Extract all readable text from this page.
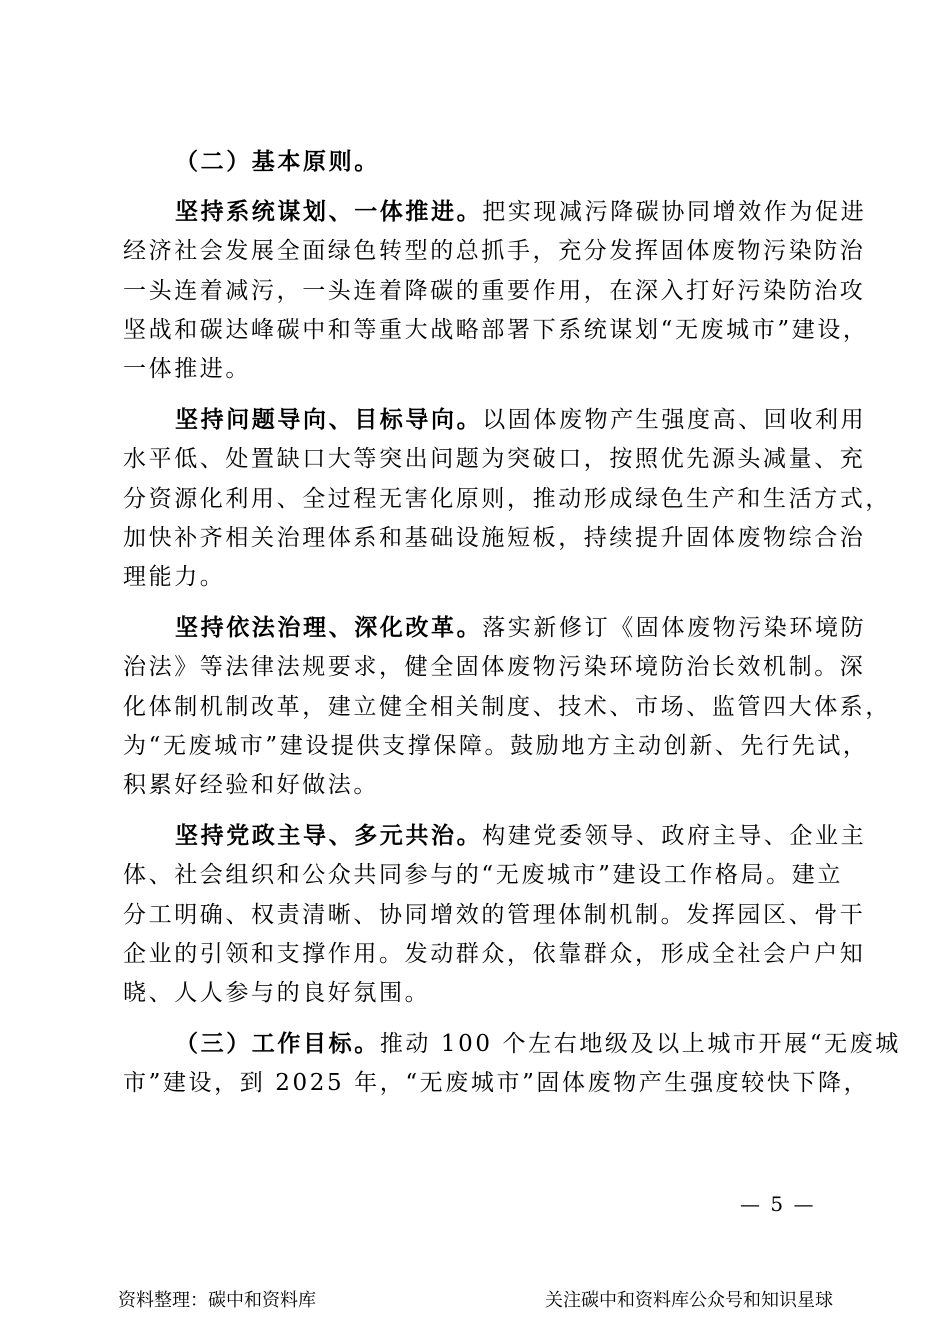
（二）基本原则。

坚持系统谋划、一体推进。把实现减污降碳协同增效作为促进
经济社会发展全面绿色转型的总抓手，充分发挥固体废物污染防治
一头连着减污，一头连着降碳的重要作用，在深入打好污染防治攻
坚战和碳达峰碳中和等重大战略部署下系统谋划“无废城市”建设，
一体推进。

坚持问题导向、目标导向。以固体废物产生强度高、回收利用
水平低、处置缺口大等突出问题为突破口，按照优先源头减量、充
分资源化利用、全过程无害化原则，推动形成绿色生产和生活方式，
加快补齐相关治理体系和基础设施短板，持续提升固体废物综合治
理能力。

坚持依法治理、深化改革。落实新修订《固体废物污染环境防
治法》等法律法规要求，健全固体废物污染环境防治长效机制。深
化体制机制改革，建立健全相关制度、技术、市场、监管四大体系，
为“无废城市”建设提供支撑保障。鼓励地方主动创新、先行先试，
积累好经验和好做法。

坚持党政主导、多元共治。构建党委领导、政府主导、企业主
体、社会组织和公众共同参与的“无废城市”建设工作格局。建立
分工明确、权责清晰、协同增效的管理体制机制。发挥园区、骨干
企业的引领和支撑作用。发动群众，依靠群众，形成全社会户户知
晓、人人参与的良好氛围。

（三）工作目标。推动 100 个左右地级及以上城市开展“无废城
市”建设，到 2025 年，“无废城市”固体废物产生强度较快下降，

— 5 —
资料整理：碳中和资料库	关注碳中和资料库公众号和知识星球
